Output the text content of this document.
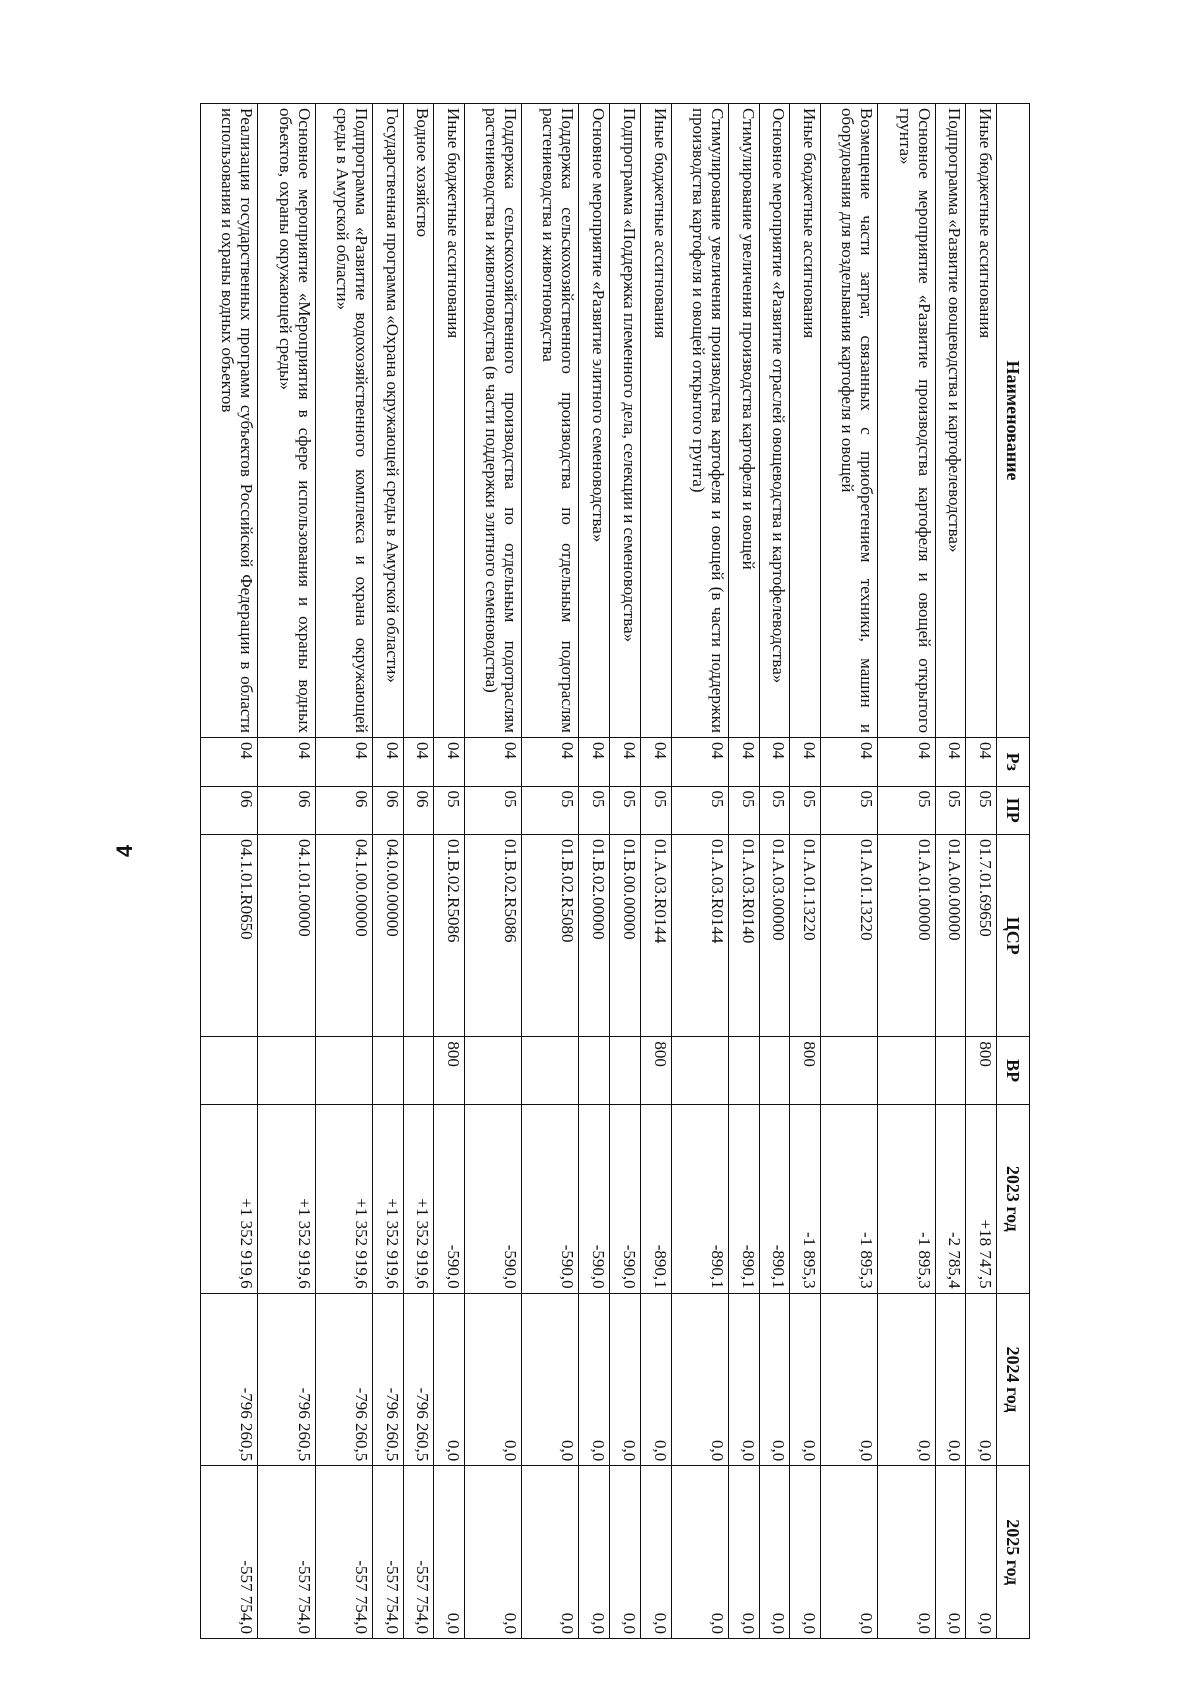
4
Наименование	Рз	ПР	ЦСР	ВР	2023 год	2024 год	2025 год
Иные бюджетные ассигнования	04	05	01.7.01.69650	800	+18 747,5	0,0	0,0
Подпрограмма «Развитие овощеводства и картофелеводства»	04	05	01.А.00.00000		-2 785,4	0,0	0,0
Основное мероприятие «Развитие производства картофеля и овощей открытого грунта»	04	05	01.А.01.00000		-1 895,3	0,0	0,0
Возмещение части затрат, связанных с приобретением техники, машин и оборудования для возделывания картофеля и овощей	04	05	01.А.01.13220		-1 895,3	0,0	0,0
Иные бюджетные ассигнования	04	05	01.А.01.13220	800	-1 895,3	0,0	0,0
Основное мероприятие «Развитие отраслей овощеводства и картофелеводства»	04	05	01.А.03.00000		-890,1	0,0	0,0
Стимулирование увеличения производства картофеля и овощей	04	05	01.А.03.R0140		-890,1	0,0	0,0
Стимулирование увеличения производства картофеля и овощей (в части поддержки производства картофеля и овощей открытого грунта)	04	05	01.А.03.R0144		-890,1	0,0	0,0
Иные бюджетные ассигнования	04	05	01.А.03.R0144	800	-890,1	0,0	0,0
Подпрограмма «Поддержка племенного дела, селекции и семеноводства»	04	05	01.В.00.00000		-590,0	0,0	0,0
Основное мероприятие «Развитие элитного семеноводства»	04	05	01.В.02.00000		-590,0	0,0	0,0
Поддержка сельскохозяйственного производства по отдельным подотраслям растениеводства и животноводства	04	05	01.В.02.R5080		-590,0	0,0	0,0
Поддержка сельскохозяйственного производства по отдельным подотраслям растениеводства и животноводства (в части поддержки элитного семеноводства)	04	05	01.В.02.R5086		-590,0	0,0	0,0
Иные бюджетные ассигнования	04	05	01.В.02.R5086	800	-590,0	0,0	0,0
Водное хозяйство	04	06			+1 352 919,6	-796 260,5	-557 754,0
Государственная программа «Охрана окружающей среды в Амурской области»	04	06	04.0.00.00000		+1 352 919,6	-796 260,5	-557 754,0
Подпрограмма «Развитие водохозяйственного комплекса и охрана окружающей среды в Амурской области»	04	06	04.1.00.00000		+1 352 919,6	-796 260,5	-557 754,0
Основное мероприятие «Мероприятия в сфере использования и охраны водных объектов, охраны окружающей среды»	04	06	04.1.01.00000		+1 352 919,6	-796 260,5	-557 754,0
Реализация государственных программ субъектов Российской Федерации в области использования и охраны водных объектов	04	06	04.1.01.R0650		+1 352 919,6	-796 260,5	-557 754,0
